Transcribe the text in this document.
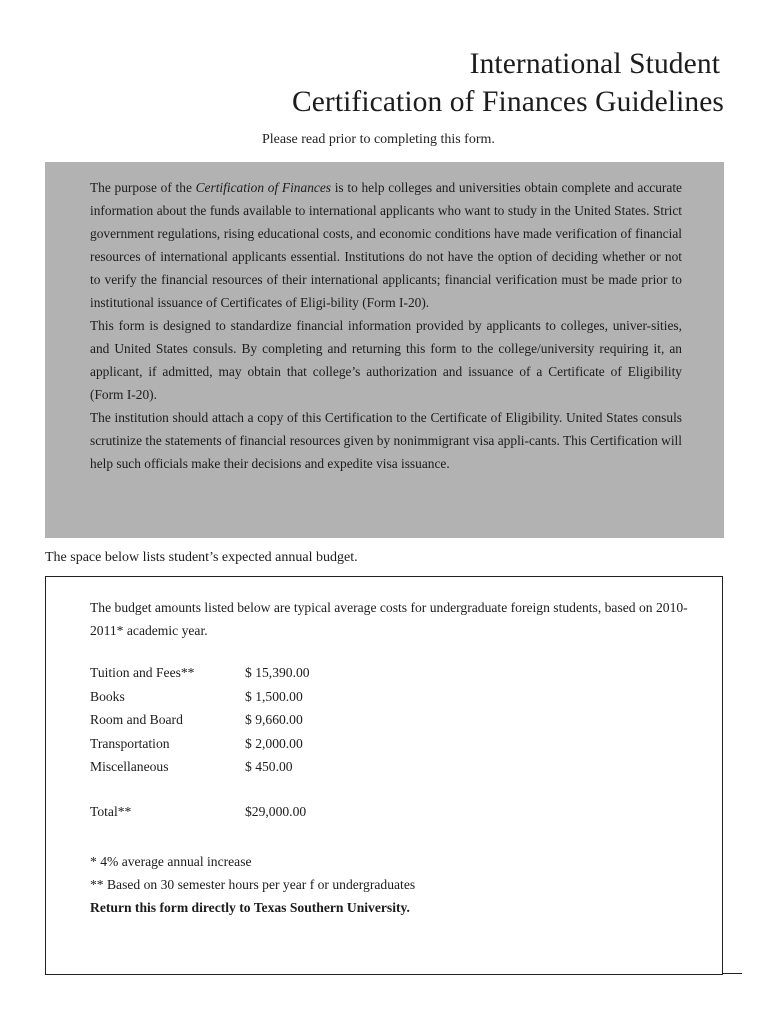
International Student
Certification of Finances Guidelines
Please read prior to completing this form.

The purpose of the Certification of Finances is to help colleges and universities obtain complete and accurate information about the funds available to international applicants who want to study in the United States. Strict government regulations, rising educational costs, and economic conditions have made verification of financial resources of international applicants essential. Institutions do not have the option of deciding whether or not to verify the financial resources of their international applicants; financial verification must be made prior to institutional issuance of Certificates of Eligi-bility (Form I-20).

This form is designed to standardize financial information provided by applicants to colleges, univer-sities, and United States consuls. By completing and returning this form to the college/university requiring it, an applicant, if admitted, may obtain that college’s authorization and issuance of a Certificate of Eligibility (Form I-20).

The institution should attach a copy of this Certification to the Certificate of Eligibility. United States consuls scrutinize the statements of financial resources given by nonimmigrant visa appli-cants. This Certification will help such officials make their decisions and expedite visa issuance.

The space below lists student’s expected annual budget.

The budget amounts listed below are typical average costs for undergraduate foreign students, based on 2010-2011* academic year.

Tuition and Fees**	$ 15,390.00
Books	$ 1,500.00
Room and Board	$ 9,660.00
Transportation	$ 2,000.00
Miscellaneous	$ 450.00
Total**	$29,000.00
* 4% average annual increase
** Based on 30 semester hours per year f or undergraduates
Return this form directly to Texas Southern University.
